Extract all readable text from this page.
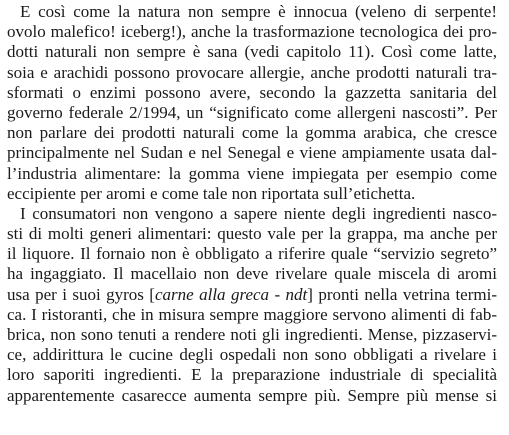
E così come la natura non sempre è innocua (veleno di serpente!
ovolo malefico! iceberg!), anche la trasformazione tecnologica dei pro-
dotti naturali non sempre è sana (vedi capitolo 11). Così come latte,
soia e arachidi possono provocare allergie, anche prodotti naturali tra-
sformati o enzimi possono avere, secondo la gazzetta sanitaria del
governo federale 2/1994, un “significato come allergeni nascosti”. Per
non parlare dei prodotti naturali come la gomma arabica, che cresce
principalmente nel Sudan e nel Senegal e viene ampiamente usata dal-
l’industria alimentare: la gomma viene impiegata per esempio come
eccipiente per aromi e come tale non riportata sull’etichetta.
I consumatori non vengono a sapere niente degli ingredienti nasco-
sti di molti generi alimentari: questo vale per la grappa, ma anche per
il liquore. Il fornaio non è obbligato a riferire quale “servizio segreto”
ha ingaggiato. Il macellaio non deve rivelare quale miscela di aromi
usa per i suoi gyros [carne alla greca - ndt] pronti nella vetrina termi-
ca. I ristoranti, che in misura sempre maggiore servono alimenti di fab-
brica, non sono tenuti a rendere noti gli ingredienti. Mense, pizzaservi-
ce, addirittura le cucine degli ospedali non sono obbligati a rivelare i
loro saporiti ingredienti. E la preparazione industriale di specialità
apparentemente casarecce aumenta sempre più. Sempre più mense si
